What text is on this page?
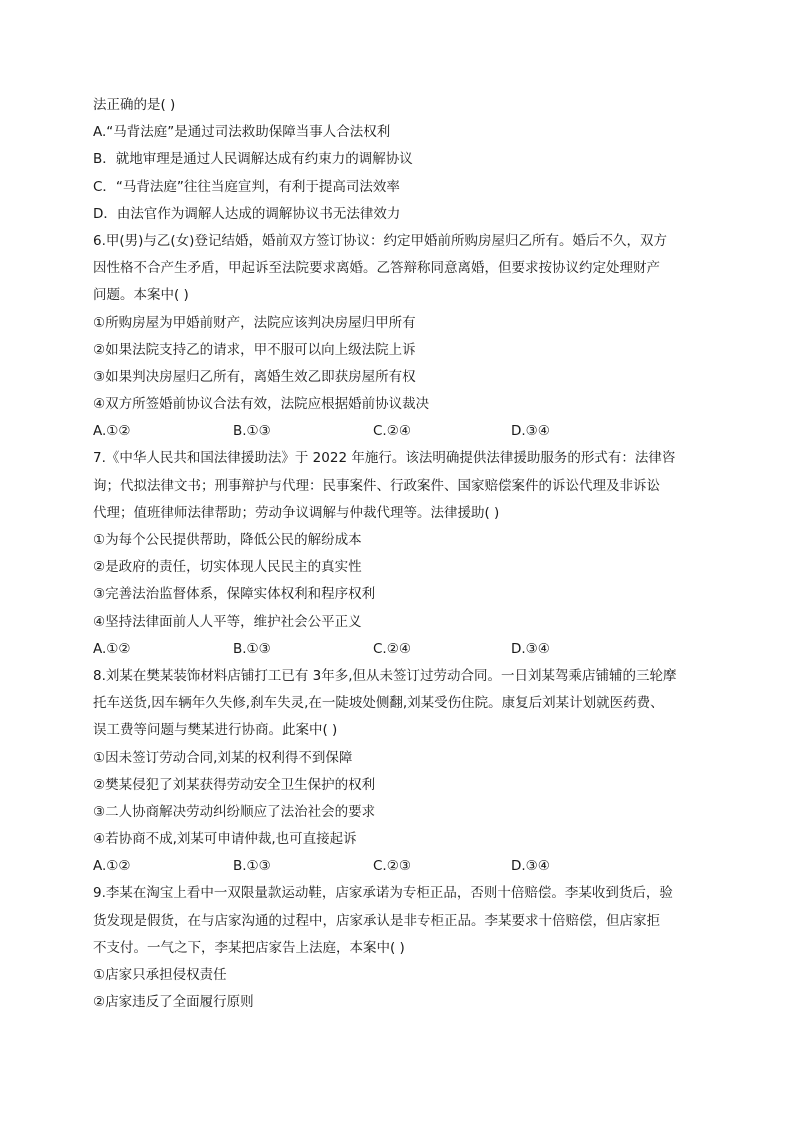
法正确的是( )
A.“马背法庭”是通过司法救助保障当事人合法权利
B．就地审理是通过人民调解达成有约束力的调解协议
C．“马背法庭”往往当庭宣判，有利于提高司法效率
D．由法官作为调解人达成的调解协议书无法律效力
6.甲(男)与乙(女)登记结婚，婚前双方签订协议：约定甲婚前所购房屋归乙所有。婚后不久，双方
因性格不合产生矛盾，甲起诉至法院要求离婚。乙答辩称同意离婚，但要求按协议约定处理财产
问题。本案中( )
①所购房屋为甲婚前财产，法院应该判决房屋归甲所有
②如果法院支持乙的请求，甲不服可以向上级法院上诉
③如果判决房屋归乙所有，离婚生效乙即获房屋所有权
④双方所签婚前协议合法有效，法院应根据婚前协议裁决
A.①②	B.①③	C.②④	D.③④
7.《中华人民共和国法律援助法》于 2022 年施行。该法明确提供法律援助服务的形式有：法律咨
询；代拟法律文书；刑事辩护与代理：民事案件、行政案件、国家赔偿案件的诉讼代理及非诉讼
代理；值班律师法律帮助；劳动争议调解与仲裁代理等。法律援助( )
①为每个公民提供帮助，降低公民的解纷成本
②是政府的责任，切实体现人民民主的真实性
③完善法治监督体系，保障实体权利和程序权利
④坚持法律面前人人平等，维护社会公平正义
A.①②	B.①③	C.②④	D.③④
8.刘某在樊某装饰材料店铺打工已有 3年多,但从未签订过劳动合同。一日刘某驾乘店铺辅的三轮摩
托车送货,因车辆年久失修,刹车失灵,在一陡坡处侧翻,刘某受伤住院。康复后刘某计划就医药费、
误工费等问题与樊某进行协商。此案中( )
①因未签订劳动合同,刘某的权利得不到保障
②樊某侵犯了刘某获得劳动安全卫生保护的权利
③二人协商解决劳动纠纷顺应了法治社会的要求
④若协商不成,刘某可申请仲裁,也可直接起诉
A.①②	B.①③	C.②③	D.③④
9.李某在淘宝上看中一双限量款运动鞋，店家承诺为专柜正品，否则十倍赔偿。李某收到货后，验
货发现是假货，在与店家沟通的过程中，店家承认是非专柜正品。李某要求十倍赔偿，但店家拒
不支付。一气之下，李某把店家告上法庭，本案中( )
①店家只承担侵权责任
②店家违反了全面履行原则
